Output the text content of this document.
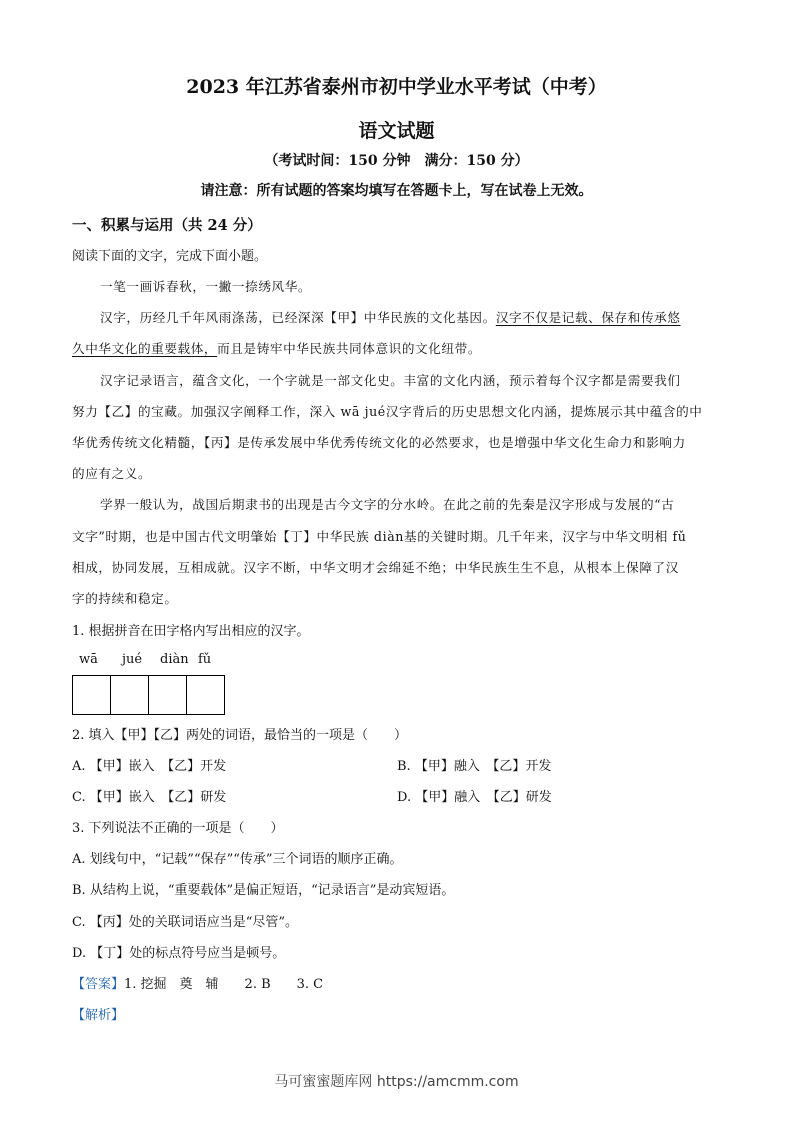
2023 年江苏省泰州市初中学业水平考试（中考）
语文试题
（考试时间：150 分钟　满分：150 分）
请注意：所有试题的答案均填写在答题卡上，写在试卷上无效。
一、积累与运用（共 24 分）
阅读下面的文字，完成下面小题。
一笔一画诉春秋，一撇一捺绣风华。
汉字，历经几千年风雨涤荡，已经深深【甲】中华民族的文化基因。汉字不仅是记载、保存和传承悠
久中华文化的重要载体，而且是铸牢中华民族共同体意识的文化纽带。
汉字记录语言，蕴含文化，一个字就是一部文化史。丰富的文化内涵，预示着每个汉字都是需要我们
努力【乙】的宝藏。加强汉字阐释工作，深入 wā jué汉字背后的历史思想文化内涵，提炼展示其中蕴含的中
华优秀传统文化精髓，【丙】是传承发展中华优秀传统文化的必然要求，也是增强中华文化生命力和影响力
的应有之义。
学界一般认为，战国后期隶书的出现是古今文字的分水岭。在此之前的先秦是汉字形成与发展的“古
文字”时期，也是中国古代文明肇始【丁】中华民族 diàn基的关键时期。几千年来，汉字与中华文明相 fǔ
相成，协同发展，互相成就。汉字不断，中华文明才会绵延不绝；中华民族生生不息，从根本上保障了汉
字的持续和稳定。
1. 根据拼音在田字格内写出相应的汉字。
wā jué diàn fǔ
2. 填入【甲】【乙】两处的词语，最恰当的一项是（　　）
A. 【甲】嵌入　【乙】开发	B. 【甲】融入　【乙】开发
C. 【甲】嵌入　【乙】研发	D. 【甲】融入　【乙】研发
3. 下列说法不正确的一项是（　　）
A. 划线句中，“记载”“保存”“传承”三个词语的顺序正确。
B. 从结构上说，“重要载体”是偏正短语，“记录语言”是动宾短语。
C. 【丙】处的关联词语应当是“尽管”。
D. 【丁】处的标点符号应当是顿号。
【答案】1. 挖掘　奠　辅　　2. B　　3. C
【解析】
马可蜜蜜题库网 https://amcmm.com
